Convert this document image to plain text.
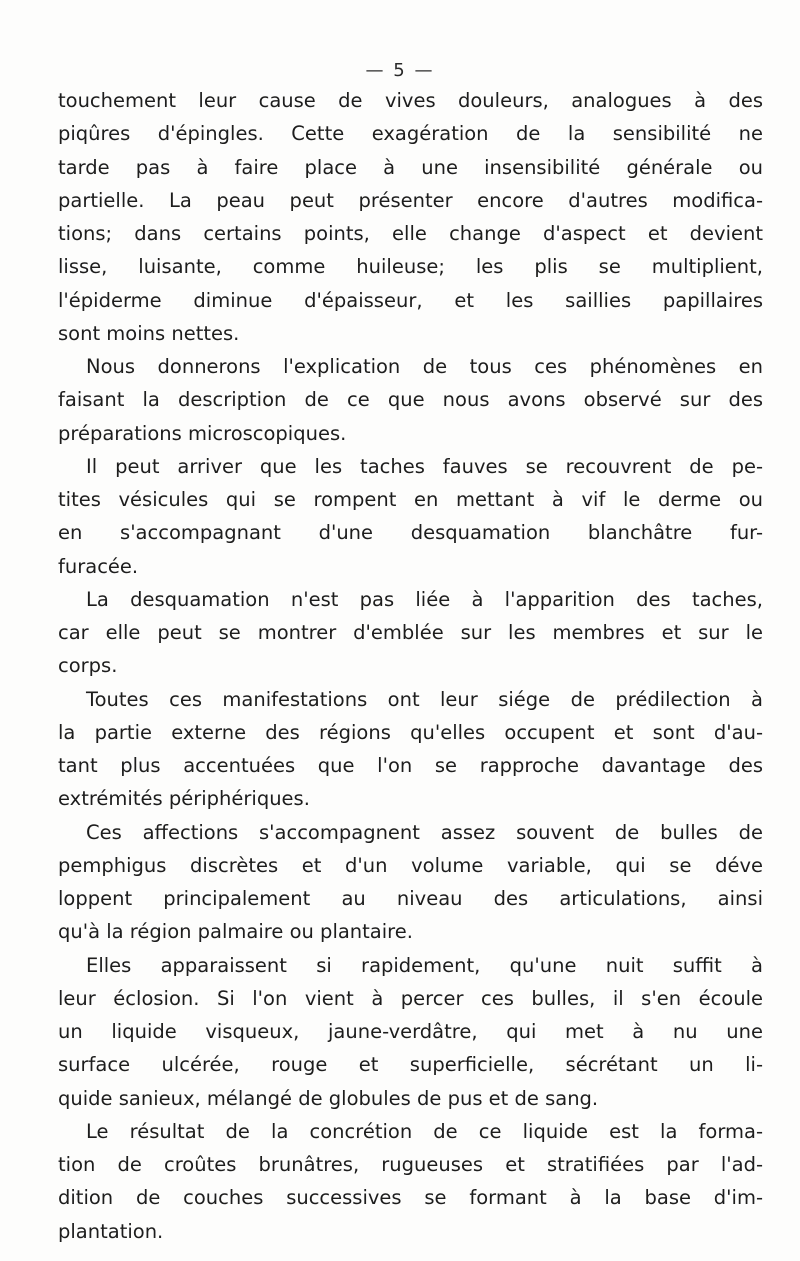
— 5 —
touchement leur cause de vives douleurs, analogues à des
piqûres d'épingles. Cette exagération de la sensibilité ne
tarde pas à faire place à une insensibilité générale ou
partielle. La peau peut présenter encore d'autres modifica-
tions; dans certains points, elle change d'aspect et devient
lisse, luisante, comme huileuse; les plis se multiplient,
l'épiderme diminue d'épaisseur, et les saillies papillaires
sont moins nettes.
Nous donnerons l'explication de tous ces phénomènes en
faisant la description de ce que nous avons observé sur des
préparations microscopiques.
Il peut arriver que les taches fauves se recouvrent de pe-
tites vésicules qui se rompent en mettant à vif le derme ou
en s'accompagnant d'une desquamation blanchâtre fur-
furacée.
La desquamation n'est pas liée à l'apparition des taches,
car elle peut se montrer d'emblée sur les membres et sur le
corps.
Toutes ces manifestations ont leur siége de prédilection à
la partie externe des régions qu'elles occupent et sont d'au-
tant plus accentuées que l'on se rapproche davantage des
extrémités périphériques.
Ces affections s'accompagnent assez souvent de bulles de
pemphigus discrètes et d'un volume variable, qui se déve
loppent principalement au niveau des articulations, ainsi
qu'à la région palmaire ou plantaire.
Elles apparaissent si rapidement, qu'une nuit suffit à
leur éclosion. Si l'on vient à percer ces bulles, il s'en écoule
un liquide visqueux, jaune-verdâtre, qui met à nu une
surface ulcérée, rouge et superficielle, sécrétant un li-
quide sanieux, mélangé de globules de pus et de sang.
Le résultat de la concrétion de ce liquide est la forma-
tion de croûtes brunâtres, rugueuses et stratifiées par l'ad-
dition de couches successives se formant à la base d'im-
plantation.
